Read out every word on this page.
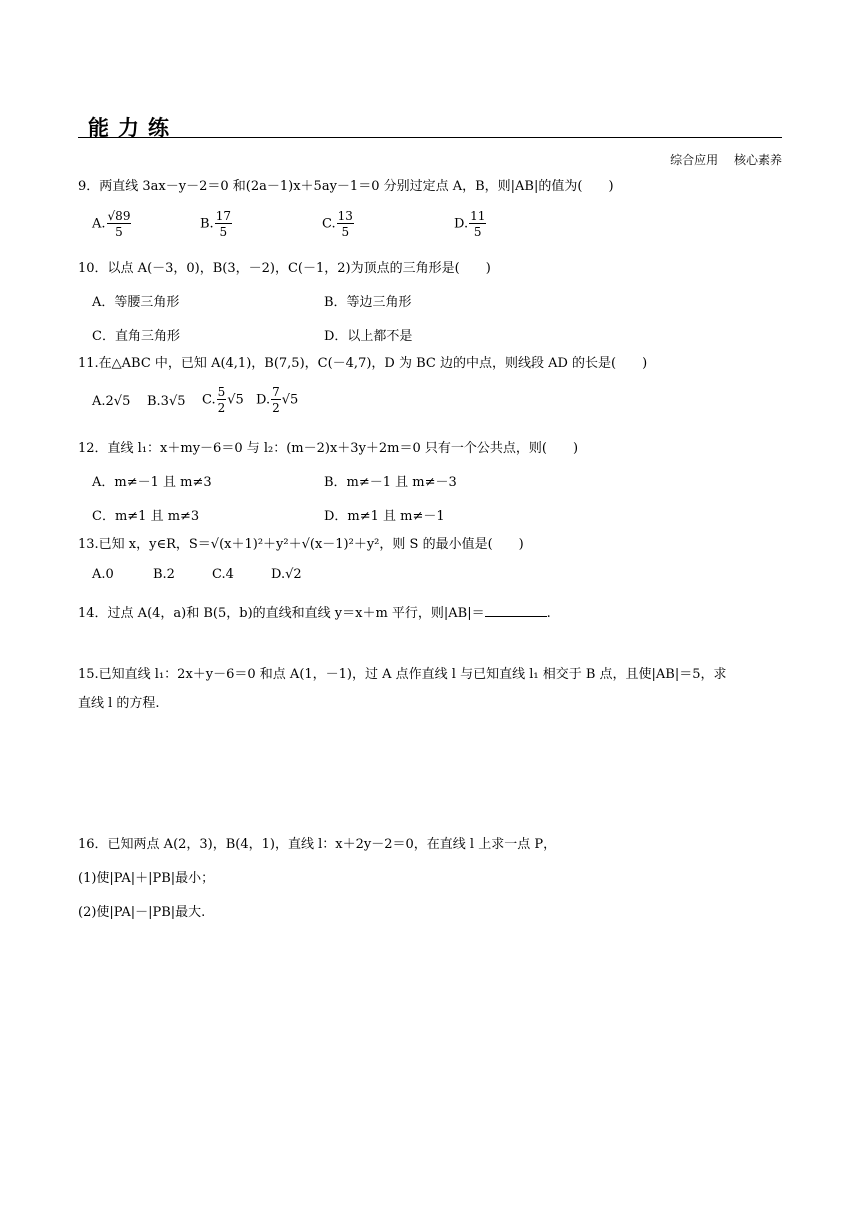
能力练
综合应用 核心素养
9．两直线 3ax－y－2＝0 和(2a－1)x＋5ay－1＝0 分别过定点 A，B，则|AB|的值为(　　)
A. $\frac{√89}{5}$	B. $\frac{17}{5}$	C. $\frac{13}{5}$	D. $\frac{11}{5}$
10．以点 A(－3，0)，B(3，－2)，C(－1，2)为顶点的三角形是(　　)
A．等腰三角形	B．等边三角形
C．直角三角形	D．以上都不是
11.在△ABC 中，已知 A(4,1)，B(7,5)，C(－4,7)，D 为 BC 边的中点，则线段 AD 的长是(　　)
A.2√5 B.3√5 C. $\frac{5}{2} √5$ D. $\frac{7}{2} √5$
12．直线 l₁：x＋my－6＝0 与 l₂：(m－2)x＋3y＋2m＝0 只有一个公共点，则(　　)
A．m≠－1 且 m≠3	B．m≠－1 且 m≠－3
C．m≠1 且 m≠3	D．m≠1 且 m≠－1
13.已知 x，y∈R，S＝√(x＋1)²＋y²＋√(x－1)²＋y²，则 S 的最小值是(　　)
A.0	B.2	C.4	D.√2
14．过点 A(4，a)和 B(5，b)的直线和直线 y＝x＋m 平行，则|AB|＝	.
15.已知直线 l₁：2x＋y－6＝0 和点 A(1，－1)，过 A 点作直线 l 与已知直线 l₁ 相交于 B 点，且使|AB|＝5，求
直线 l 的方程.
16．已知两点 A(2，3)，B(4，1)，直线 l：x＋2y－2＝0，在直线 l 上求一点 P，
(1)使|PA|＋|PB|最小；
(2)使|PA|－|PB|最大.
